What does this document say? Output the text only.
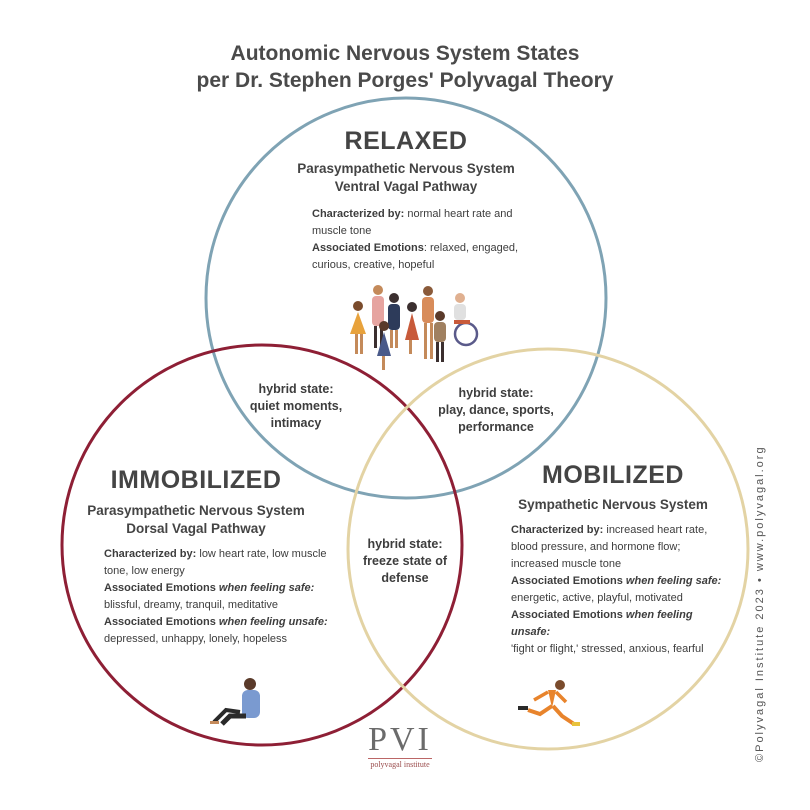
Autonomic Nervous System States
per Dr. Stephen Porges' Polyvagal Theory
RELAXED
Parasympathetic Nervous System
Ventral Vagal Pathway
Characterized by: normal heart rate and muscle tone
Associated Emotions: relaxed, engaged, curious, creative, hopeful
hybrid state:
quiet moments,
intimacy
hybrid state:
play, dance, sports,
performance
hybrid state:
freeze state of
defense
IMMOBILIZED
Parasympathetic Nervous System
Dorsal Vagal Pathway
Characterized by: low heart rate, low muscle tone, low energy
Associated Emotions when feeling safe:
blissful, dreamy, tranquil, meditative
Associated Emotions when feeling unsafe:
depressed, unhappy, lonely, hopeless
MOBILIZED
Sympathetic Nervous System
Characterized by: increased heart rate, blood pressure, and hormone flow; increased muscle tone
Associated Emotions when feeling safe:
energetic, active, playful, motivated
Associated Emotions when feeling unsafe:
'fight or flight,' stressed, anxious, fearful
PVI
polyvagal institute
©Polyvagal Institute 2023 • www.polyvagal.org
